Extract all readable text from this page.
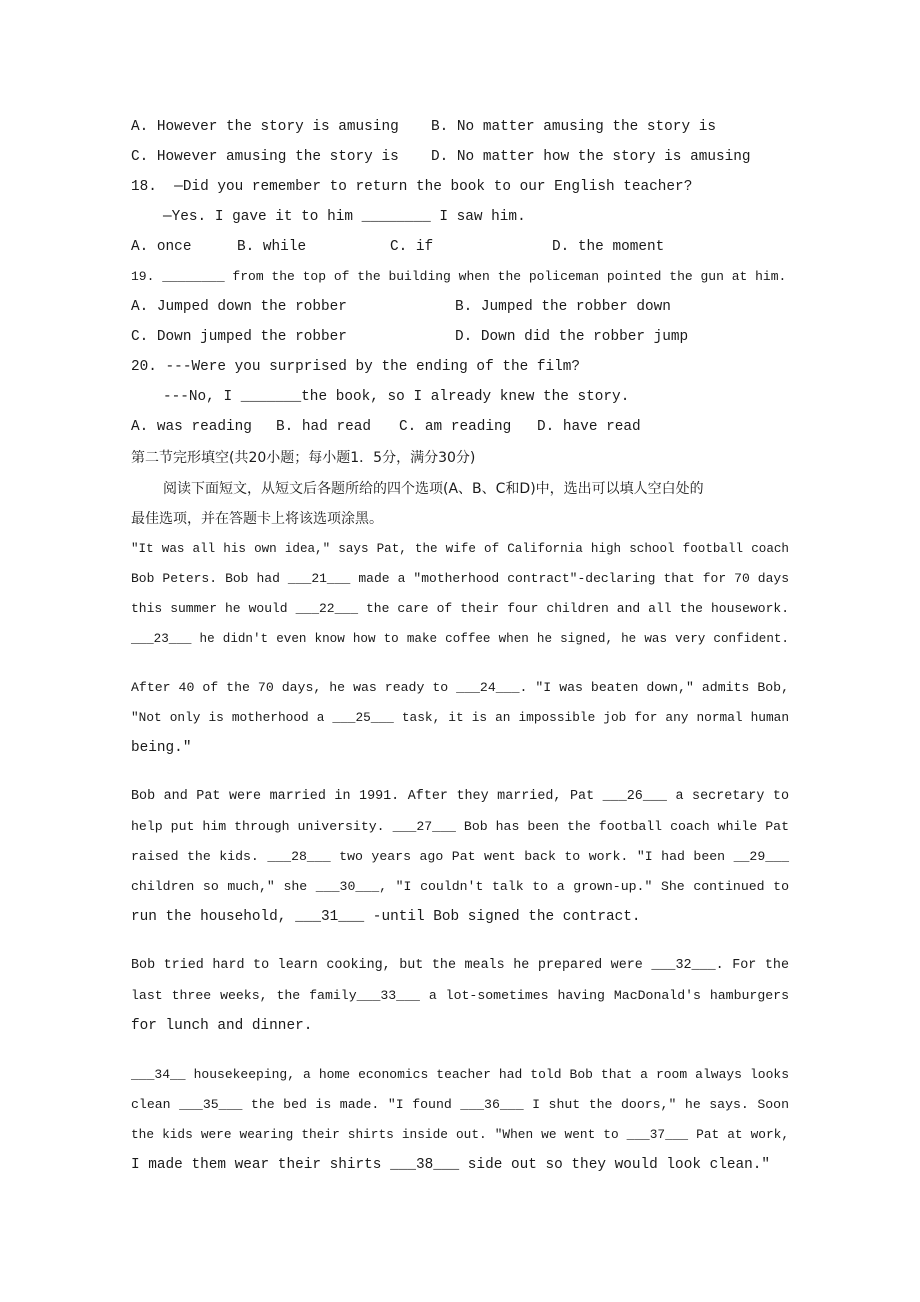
A. However the story is amusing B. No matter amusing the story is
C. However amusing the story is D. No matter how the story is amusing
18.  —Did you remember to return the book to our English teacher?
—Yes. I gave it to him ________ I saw him.
A. once	B. while	C. if	D. the moment
19. ________ from the top of the building when the policeman pointed the gun at him.
A. Jumped down the robber	B. Jumped the robber down
C. Down jumped the robber	D. Down did the robber jump
20. ---Were you surprised by the ending of the film?
---No, I _______the book, so I already knew the story.
A. was reading B. had read C. am reading D. have read
第二节完形填空(共20小题；每小题1．5分，满分30分)
阅读下面短文，从短文后各题所给的四个选项(A、B、C和D)中，选出可以填人空白处的
最佳选项，并在答题卡上将该选项涂黑。
"It was all his own idea," says Pat, the wife of California high school football coach
Bob Peters. Bob had ___21___ made a "motherhood contract"-declaring that for 70 days
this summer he would ___22___ the care of their four children and all the housework.
___23___ he didn't even know how to make coffee when he signed, he was very confident.
After 40 of the 70 days, he was ready to ___24___. "I was beaten down," admits Bob,
"Not only is motherhood a ___25___ task, it is an impossible job for any normal human
being."
Bob and Pat were married in 1991. After they married, Pat ___26___ a secretary to
help put him through university. ___27___ Bob has been the football coach while Pat
raised the kids. ___28___ two years ago Pat went back to work. "I had been __29___
children so much," she ___30___, "I couldn't talk to a grown-up." She continued to
run the household, ___31___ -until Bob signed the contract.
Bob tried hard to learn cooking, but the meals he prepared were ___32___. For the
last three weeks, the family___33___ a lot-sometimes having MacDonald's hamburgers
for lunch and dinner.
___34__ housekeeping, a home economics teacher had told Bob that a room always looks
clean ___35___ the bed is made. "I found ___36___ I shut the doors," he says. Soon
the kids were wearing their shirts inside out. "When we went to ___37___ Pat at work,
I made them wear their shirts ___38___ side out so they would look clean."
